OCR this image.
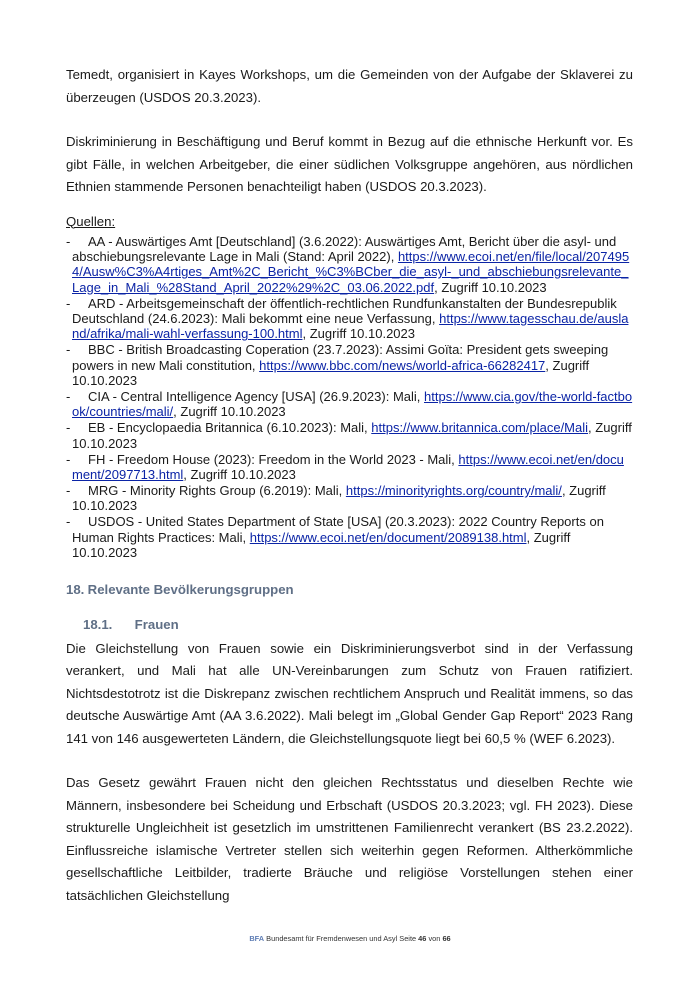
Temedt, organisiert in Kayes Workshops, um die Gemeinden von der Aufgabe der Sklaverei zu überzeugen (USDOS 20.3.2023).

Diskriminierung in Beschäftigung und Beruf kommt in Bezug auf die ethnische Herkunft vor. Es gibt Fälle, in welchen Arbeitgeber, die einer südlichen Volksgruppe angehören, aus nördlichen Ethnien stammende Personen benachteiligt haben (USDOS 20.3.2023).

Quellen:

-	AA - Auswärtiges Amt [Deutschland] (3.6.2022): Auswärtiges Amt, Bericht über die asyl- und abschiebungsrelevante Lage in Mali (Stand: April 2022), https://www.ecoi.net/en/file/local/2074954/Ausw%C3%A4rtiges_Amt%2C_Bericht_%C3%BCber_die_asyl-_und_abschiebungsrelevante_Lage_in_Mali_%28Stand_April_2022%29%2C_03.06.2022.pdf, Zugriff 10.10.2023
-	ARD - Arbeitsgemeinschaft der öffentlich-rechtlichen Rundfunkanstalten der Bundesrepublik Deutschland (24.6.2023): Mali bekommt eine neue Verfassung, https://www.tagesschau.de/ausland/afrika/mali-wahl-verfassung-100.html, Zugriff 10.10.2023
-	BBC - British Broadcasting Coperation (23.7.2023): Assimi Goïta: President gets sweeping powers in new Mali constitution, https://www.bbc.com/news/world-africa-66282417, Zugriff 10.10.2023
-	CIA - Central Intelligence Agency [USA] (26.9.2023): Mali, https://www.cia.gov/the-world-factbook/countries/mali/, Zugriff 10.10.2023
-	EB - Encyclopaedia Britannica (6.10.2023): Mali, https://www.britannica.com/place/Mali, Zugriff 10.10.2023
-	FH - Freedom House (2023): Freedom in the World 2023 - Mali, https://www.ecoi.net/en/document/2097713.html, Zugriff 10.10.2023
-	MRG - Minority Rights Group (6.2019): Mali, https://minorityrights.org/country/mali/, Zugriff 10.10.2023
-	USDOS - United States Department of State [USA] (20.3.2023): 2022 Country Reports on Human Rights Practices: Mali, https://www.ecoi.net/en/document/2089138.html, Zugriff 10.10.2023
18. Relevante Bevölkerungsgruppen
18.1. Frauen

Die Gleichstellung von Frauen sowie ein Diskriminierungsverbot sind in der Verfassung verankert, und Mali hat alle UN-Vereinbarungen zum Schutz von Frauen ratifiziert. Nichtsdestotrotz ist die Diskrepanz zwischen rechtlichem Anspruch und Realität immens, so das deutsche Auswärtige Amt (AA 3.6.2022). Mali belegt im „Global Gender Gap Report“ 2023 Rang 141 von 146 ausgewerteten Ländern, die Gleichstellungsquote liegt bei 60,5 % (WEF 6.2023).

Das Gesetz gewährt Frauen nicht den gleichen Rechtsstatus und dieselben Rechte wie Männern, insbesondere bei Scheidung und Erbschaft (USDOS 20.3.2023; vgl. FH 2023). Diese strukturelle Ungleichheit ist gesetzlich im umstrittenen Familienrecht verankert (BS 23.2.2022). Einflussreiche islamische Vertreter stellen sich weiterhin gegen Reformen. Altherkömmliche gesellschaftliche Leitbilder, tradierte Bräuche und religiöse Vorstellungen stehen einer tatsächlichen Gleichstellung

BFA Bundesamt für Fremdenwesen und Asyl Seite 46 von 66
